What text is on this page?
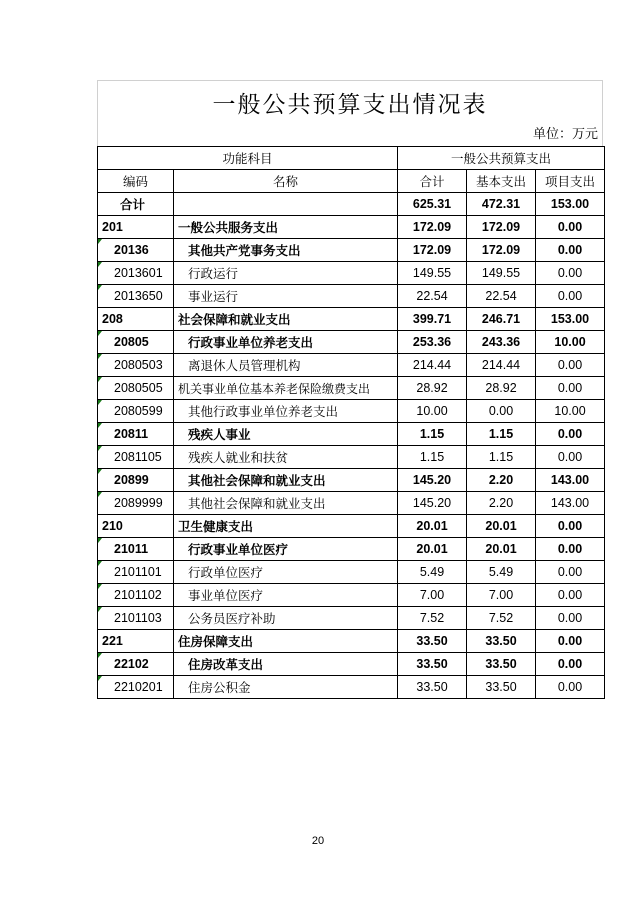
一般公共预算支出情况表
单位：万元
功能科目		一般公共预算支出		
编码	名称	合计	基本支出	项目支出
合计		625.31	472.31	153.00
201	一般公共服务支出	172.09	172.09	0.00
20136	其他共产党事务支出	172.09	172.09	0.00
2013601	行政运行	149.55	149.55	0.00
2013650	事业运行	22.54	22.54	0.00
208	社会保障和就业支出	399.71	246.71	153.00
20805	行政事业单位养老支出	253.36	243.36	10.00
2080503	离退休人员管理机构	214.44	214.44	0.00
2080505	机关事业单位基本养老保险缴费支出	28.92	28.92	0.00
2080599	其他行政事业单位养老支出	10.00	0.00	10.00
20811	残疾人事业	1.15	1.15	0.00
2081105	残疾人就业和扶贫	1.15	1.15	0.00
20899	其他社会保障和就业支出	145.20	2.20	143.00
2089999	其他社会保障和就业支出	145.20	2.20	143.00
210	卫生健康支出	20.01	20.01	0.00
21011	行政事业单位医疗	20.01	20.01	0.00
2101101	行政单位医疗	5.49	5.49	0.00
2101102	事业单位医疗	7.00	7.00	0.00
2101103	公务员医疗补助	7.52	7.52	0.00
221	住房保障支出	33.50	33.50	0.00
22102	住房改革支出	33.50	33.50	0.00
2210201	住房公积金	33.50	33.50	0.00
20
